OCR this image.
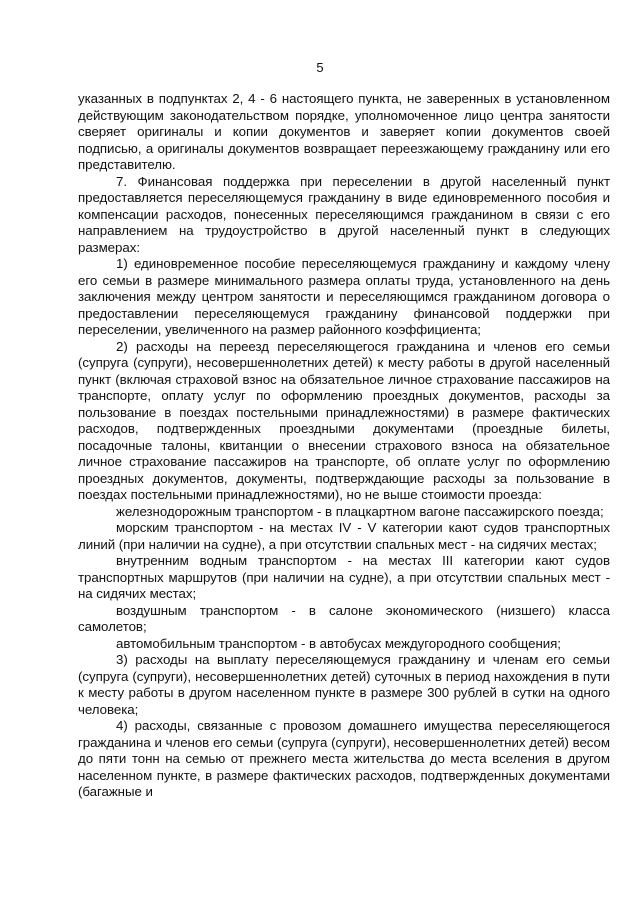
5

указанных в подпунктах 2, 4 - 6 настоящего пункта, не заверенных в установленном действующим законодательством порядке, уполномоченное лицо центра занятости сверяет оригиналы и копии документов и заверяет копии документов своей подписью, а оригиналы документов возвращает переезжающему гражданину или его представителю.

7. Финансовая поддержка при переселении в другой населенный пункт предоставляется переселяющемуся гражданину в виде единовременного пособия и компенсации расходов, понесенных переселяющимся гражданином в связи с его направлением на трудоустройство в другой населенный пункт в следующих размерах:

1) единовременное пособие переселяющемуся гражданину и каждому члену его семьи в размере минимального размера оплаты труда, установленного на день заключения между центром занятости и переселяющимся гражданином договора о предоставлении переселяющемуся гражданину финансовой поддержки при переселении, увеличенного на размер районного коэффициента;

2) расходы на переезд переселяющегося гражданина и членов его семьи (супруга (супруги), несовершеннолетних детей) к месту работы в другой населенный пункт (включая страховой взнос на обязательное личное страхование пассажиров на транспорте, оплату услуг по оформлению проездных документов, расходы за пользование в поездах постельными принадлежностями) в размере фактических расходов, подтвержденных проездными документами (проездные билеты, посадочные талоны, квитанции о внесении страхового взноса на обязательное личное страхование пассажиров на транспорте, об оплате услуг по оформлению проездных документов, документы, подтверждающие расходы за пользование в поездах постельными принадлежностями), но не выше стоимости проезда:

железнодорожным транспортом - в плацкартном вагоне пассажирского поезда;

морским транспортом - на местах IV - V категории кают судов транспортных линий (при наличии на судне), а при отсутствии спальных мест - на сидячих местах;

внутренним водным транспортом - на местах III категории кают судов транспортных маршрутов (при наличии на судне), а при отсутствии спальных мест - на сидячих местах;

воздушным транспортом - в салоне экономического (низшего) класса самолетов;

автомобильным транспортом - в автобусах междугородного сообщения;

3) расходы на выплату переселяющемуся гражданину и членам его семьи (супруга (супруги), несовершеннолетних детей) суточных в период нахождения в пути к месту работы в другом населенном пункте в размере 300 рублей в сутки на одного человека;

4) расходы, связанные с провозом домашнего имущества переселяющегося гражданина и членов его семьи (супруга (супруги), несовершеннолетних детей) весом до пяти тонн на семью от прежнего места жительства до места вселения в другом населенном пункте, в размере фактических расходов, подтвержденных документами (багажные и
